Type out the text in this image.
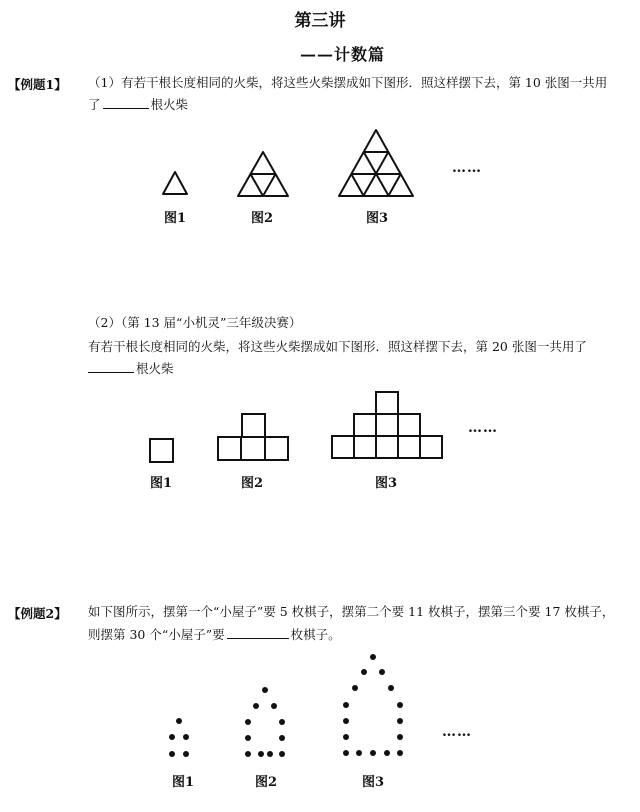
第三讲
——计数篇
【例题1】 （1）有若干根长度相同的火柴，将这些火柴摆成如下图形．照这样摆下去，第 10 张图一共用
了	根火柴
……
图1	图2	图3
（2）（第 13 届“小机灵”三年级决赛）
有若干根长度相同的火柴，将这些火柴摆成如下图形．照这样摆下去，第 20 张图一共用了
根火柴
……
图1	图2	图3
【例题2】 如下图所示，摆第一个“小屋子”要 5 枚棋子，摆第二个要 11 枚棋子，摆第三个要 17 枚棋子，
则摆第 30 个“小屋子”要	枚棋子。
……
图1	图2	图3
